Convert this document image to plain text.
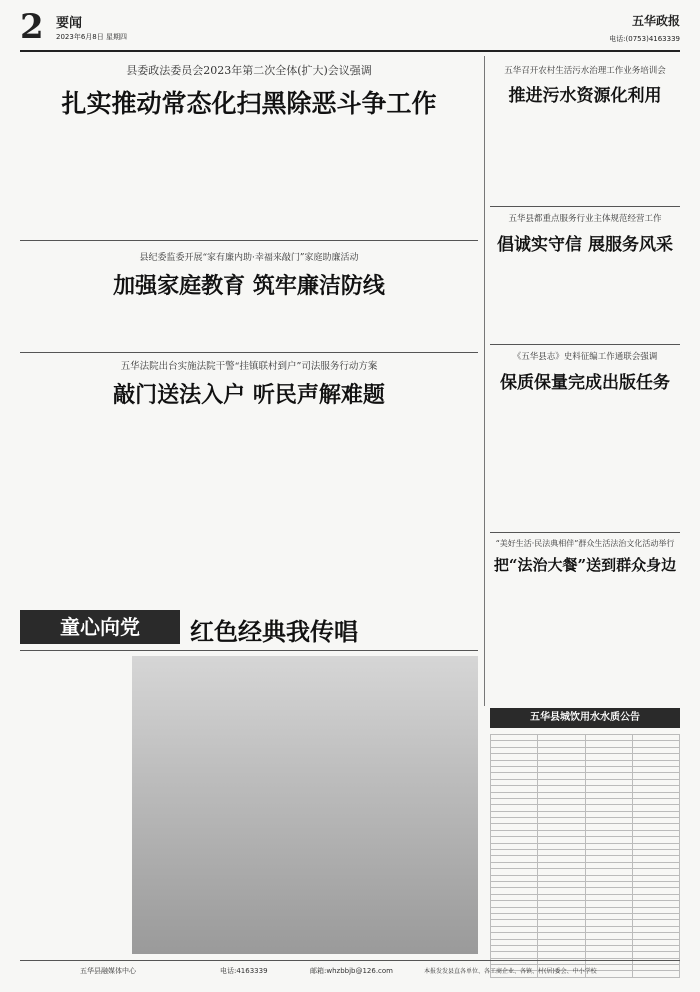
2 要闻
2023年6月8日 星期四
五华政报
电话:(0753)4163339
县委政法委员会2023年第二次全体(扩大)会议强调
扎实推动常态化扫黑除恶斗争工作
五华召开农村生活污水治理工作业务培训会
推进污水资源化利用
县纪委监委开展“家有廉内助·幸福来敲门”家庭助廉活动
加强家庭教育 筑牢廉洁防线
五华县都重点服务行业主体规范经营工作
倡诚实守信 展服务风采
五华法院出台实施法院干警“挂镇联村到户”司法服务行动方案
敲门送法入户 听民声解难题
《五华县志》史料征编工作通联会强调
保质保量完成出版任务
“美好生活·民法典相伴”群众生活法治文化活动举行
把“法治大餐”送到群众身边
童心向党	红色经典我传唱
五华县城饮用水水质公告

五华县融媒体中心	电话:4163339	邮箱:whzbbjb@126.com	本报发发县直各单位、各工商企业、各镇、村(居)委会、中小学校
